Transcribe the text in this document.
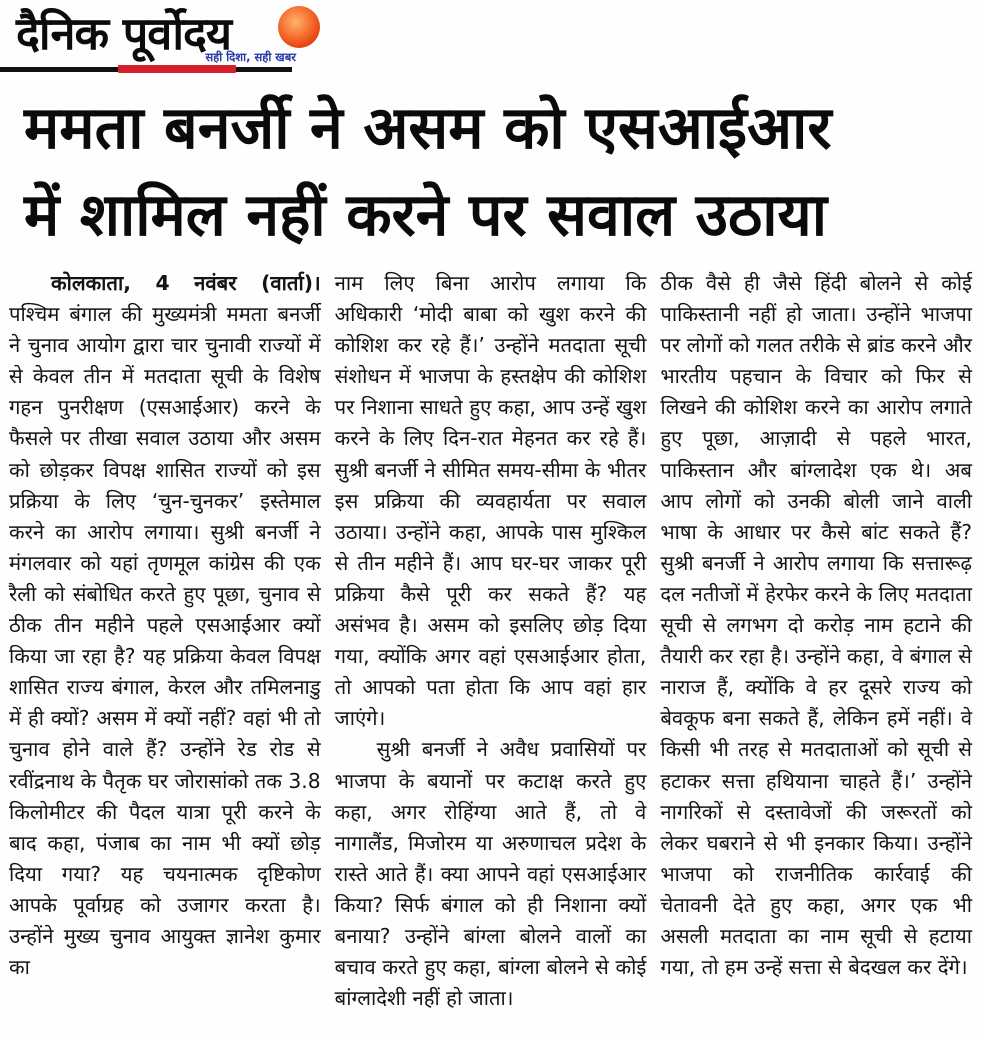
दैनिक पूर्वोदय
सही दिशा, सही खबर
ममता बनर्जी ने असम को एसआईआर
में शामिल नहीं करने पर सवाल उठाया

कोलकाता, 4 नवंबर (वार्ता)। पश्चिम बंगाल की मुख्यमंत्री ममता बनर्जी ने चुनाव आयोग द्वारा चार चुनावी राज्यों में से केवल तीन में मतदाता सूची के विशेष गहन पुनरीक्षण (एसआईआर) करने के फैसले पर तीखा सवाल उठाया और असम को छोड़कर विपक्ष शासित राज्यों को इस प्रक्रिया के लिए ‘चुन-चुनकर’ इस्तेमाल करने का आरोप लगाया। सुश्री बनर्जी ने मंगलवार को यहां तृणमूल कांग्रेस की एक रैली को संबोधित करते हुए पूछा, चुनाव से ठीक तीन महीने पहले एसआईआर क्यों किया जा रहा है? यह प्रक्रिया केवल विपक्ष शासित राज्य बंगाल, केरल और तमिलनाडु में ही क्यों? असम में क्यों नहीं? वहां भी तो चुनाव होने वाले हैं? उन्होंने रेड रोड से रवींद्रनाथ के पैतृक घर जोरासांको तक 3.8 किलोमीटर की पैदल यात्रा पूरी करने के बाद कहा, पंजाब का नाम भी क्यों छोड़ दिया गया? यह चयनात्मक दृष्टिकोण आपके पूर्वाग्रह को उजागर करता है। उन्होंने मुख्य चुनाव आयुक्त ज्ञानेश कुमार का

नाम लिए बिना आरोप लगाया कि अधिकारी ‘मोदी बाबा को खुश करने की कोशिश कर रहे हैं।’ उन्होंने मतदाता सूची संशोधन में भाजपा के हस्तक्षेप की कोशिश पर निशाना साधते हुए कहा, आप उन्हें खुश करने के लिए दिन-रात मेहनत कर रहे हैं। सुश्री बनर्जी ने सीमित समय-सीमा के भीतर इस प्रक्रिया की व्यवहार्यता पर सवाल उठाया। उन्होंने कहा, आपके पास मुश्किल से तीन महीने हैं। आप घर-घर जाकर पूरी प्रक्रिया कैसे पूरी कर सकते हैं? यह असंभव है। असम को इसलिए छोड़ दिया गया, क्योंकि अगर वहां एसआईआर होता, तो आपको पता होता कि आप वहां हार जाएंगे।

सुश्री बनर्जी ने अवैध प्रवासियों पर भाजपा के बयानों पर कटाक्ष करते हुए कहा, अगर रोहिंग्या आते हैं, तो वे नागालैंड, मिजोरम या अरुणाचल प्रदेश के रास्ते आते हैं। क्या आपने वहां एसआईआर किया? सिर्फ बंगाल को ही निशाना क्यों बनाया? उन्होंने बांग्ला बोलने वालों का बचाव करते हुए कहा, बांग्ला बोलने से कोई बांग्लादेशी नहीं हो जाता।

ठीक वैसे ही जैसे हिंदी बोलने से कोई पाकिस्तानी नहीं हो जाता। उन्होंने भाजपा पर लोगों को गलत तरीके से ब्रांड करने और भारतीय पहचान के विचार को फिर से लिखने की कोशिश करने का आरोप लगाते हुए पूछा, आज़ादी से पहले भारत, पाकिस्तान और बांग्लादेश एक थे। अब आप लोगों को उनकी बोली जाने वाली भाषा के आधार पर कैसे बांट सकते हैं? सुश्री बनर्जी ने आरोप लगाया कि सत्तारूढ़ दल नतीजों में हेरफेर करने के लिए मतदाता सूची से लगभग दो करोड़ नाम हटाने की तैयारी कर रहा है। उन्होंने कहा, वे बंगाल से नाराज हैं, क्योंकि वे हर दूसरे राज्य को बेवकूफ बना सकते हैं, लेकिन हमें नहीं। वे किसी भी तरह से मतदाताओं को सूची से हटाकर सत्ता हथियाना चाहते हैं।’ उन्होंने नागरिकों से दस्तावेजों की जरूरतों को लेकर घबराने से भी इनकार किया। उन्होंने भाजपा को राजनीतिक कार्रवाई की चेतावनी देते हुए कहा, अगर एक भी असली मतदाता का नाम सूची से हटाया गया, तो हम उन्हें सत्ता से बेदखल कर देंगे।
